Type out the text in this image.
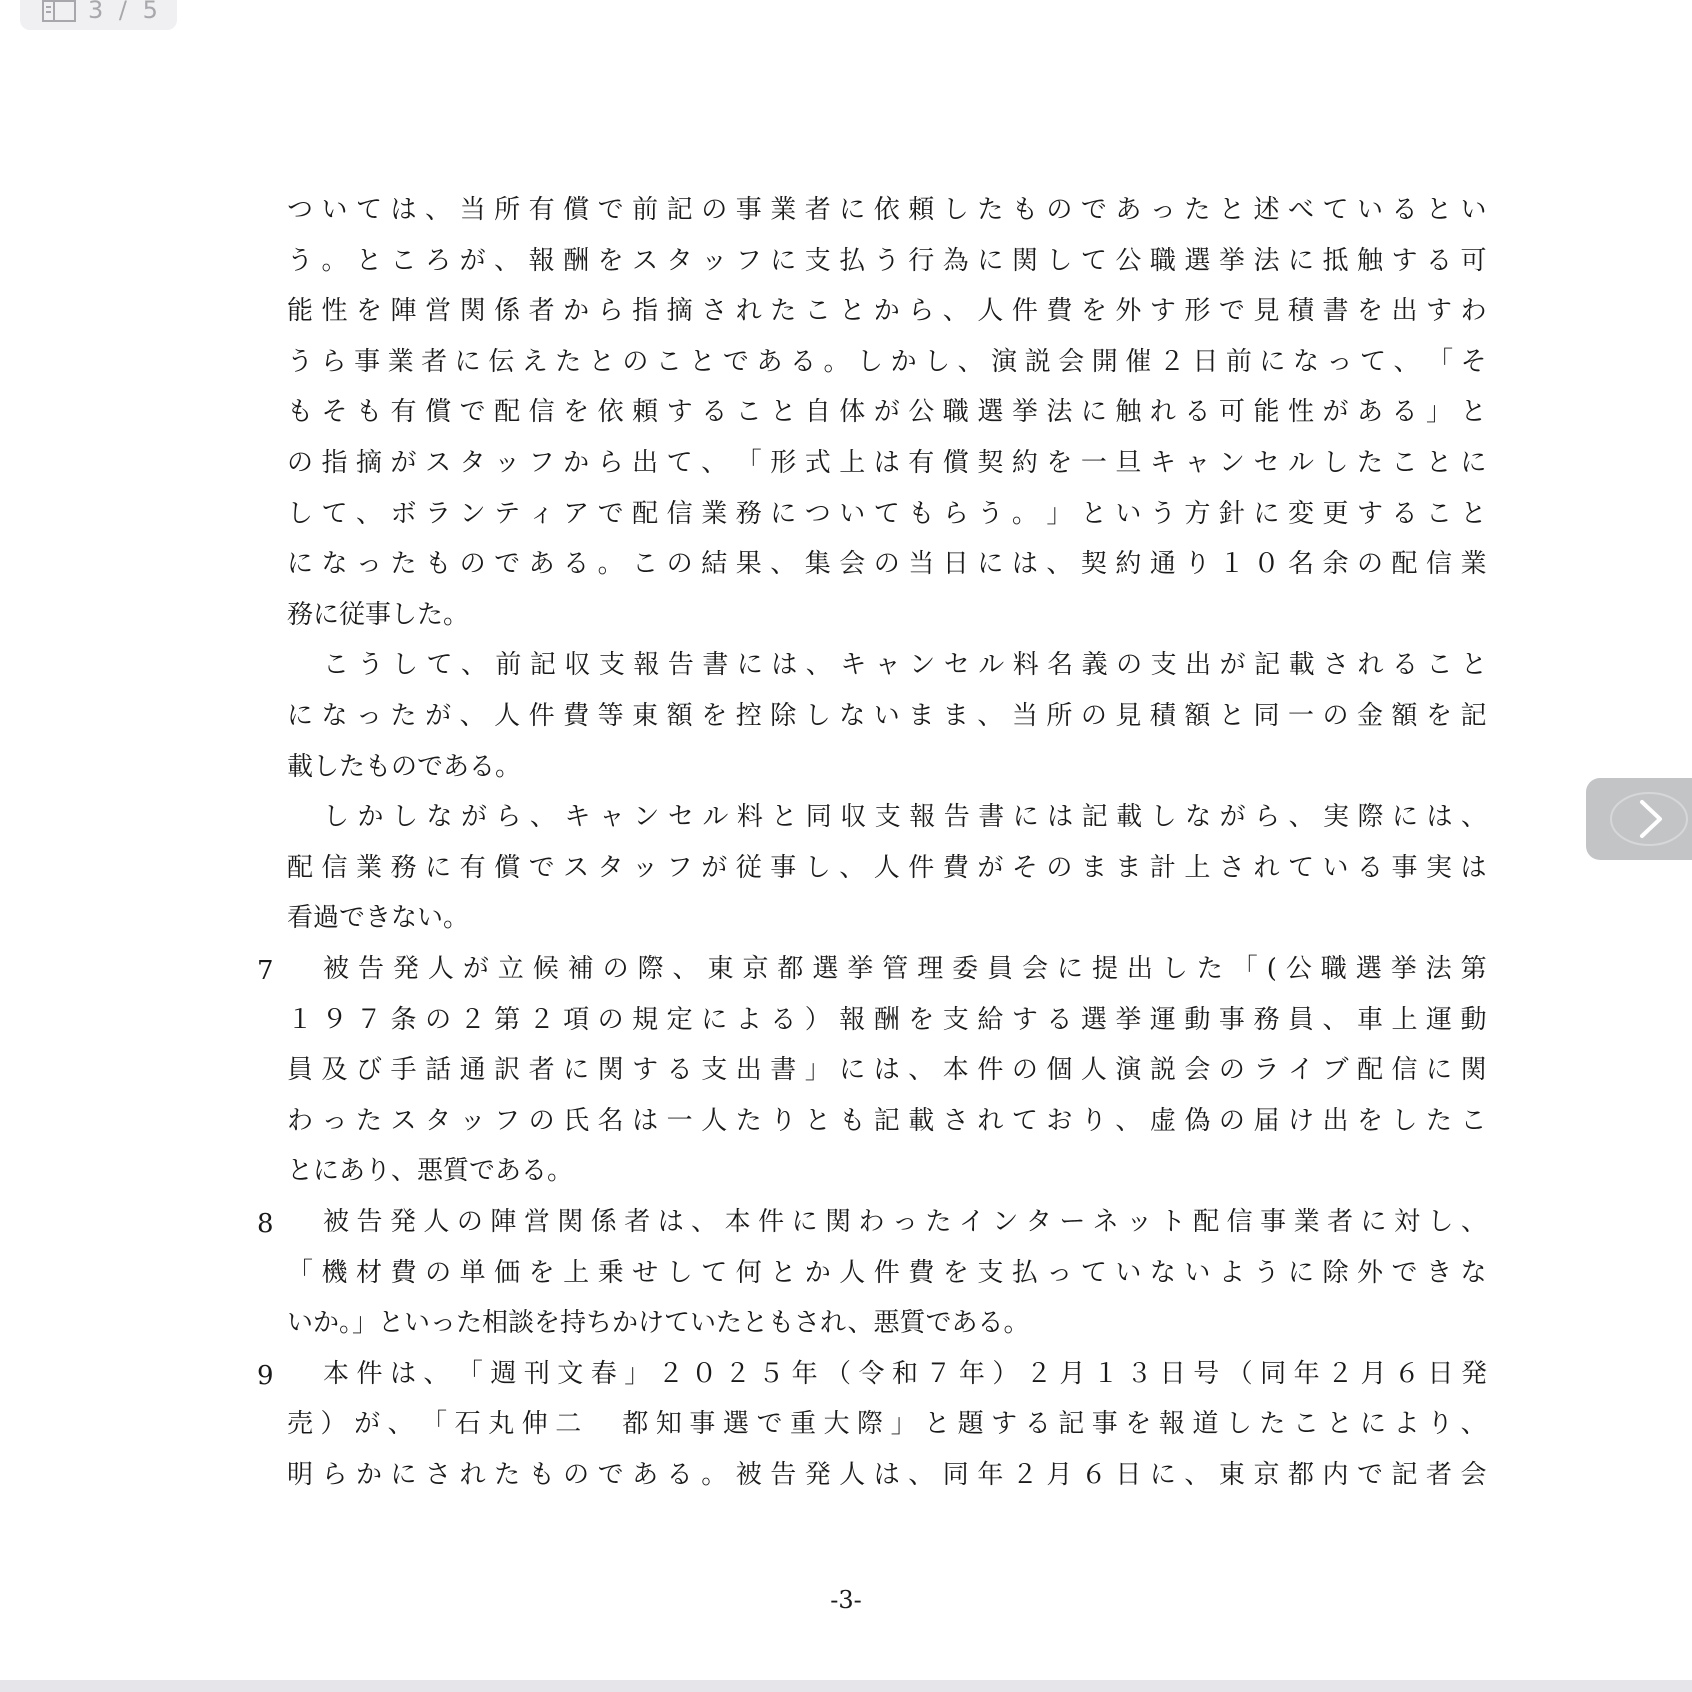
3 / 5
つ い て は 、 当 所 有 償 で 前 記 の 事 業 者 に 依 頼 し た も の で あ っ た と 述 べ て い る と い
う 。 と こ ろ が 、 報 酬 を ス タ ッ フ に 支 払 う 行 為 に 関 し て 公 職 選 挙 法 に 抵 触 す る 可
能 性 を 陣 営 関 係 者 か ら 指 摘 さ れ た こ と か ら 、 人 件 費 を 外 す 形 で 見 積 書 を 出 す わ
う ら 事 業 者 に 伝 え た と の こ と で あ る 。 し か し 、 演 説 会 開 催 ２ 日 前 に な っ て 、 「 そ
も そ も 有 償 で 配 信 を 依 頼 す る こ と 自 体 が 公 職 選 挙 法 に 触 れ る 可 能 性 が あ る 」 と
の 指 摘 が ス タ ッ フ か ら 出 て 、 「 形 式 上 は 有 償 契 約 を 一 旦 キ ャ ン セ ル し た こ と に
し て 、 ボ ラ ン テ ィ ア で 配 信 業 務 に つ い て も ら う 。 」 と い う 方 針 に 変 更 す る こ と
に な っ た も の で あ る 。 こ の 結 果 、 集 会 の 当 日 に は 、 契 約 通 り １ ０ 名 余 の 配 信 業
務に従事した。
こ う し て 、 前 記 収 支 報 告 書 に は 、 キ ャ ン セ ル 料 名 義 の 支 出 が 記 載 さ れ る こ と
に な っ た が 、 人 件 費 等 東 額 を 控 除 し な い ま ま 、 当 所 の 見 積 額 と 同 一 の 金 額 を 記
載したものである。
し か し な が ら 、 キ ャ ン セ ル 料 と 同 収 支 報 告 書 に は 記 載 し な が ら 、 実 際 に は 、
配 信 業 務 に 有 償 で ス タ ッ フ が 従 事 し 、 人 件 費 が そ の ま ま 計 上 さ れ て い る 事 実 は
看過できない。
7 被 告 発 人 が 立 候 補 の 際 、 東 京 都 選 挙 管 理 委 員 会 に 提 出 し た 「 ( 公 職 選 挙 法 第
１ ９ ７ 条 の ２ 第 ２ 項 の 規 定 に よ る ） 報 酬 を 支 給 す る 選 挙 運 動 事 務 員 、 車 上 運 動
員 及 び 手 話 通 訳 者 に 関 す る 支 出 書 」 に は 、 本 件 の 個 人 演 説 会 の ラ イ ブ 配 信 に 関
わ っ た ス タ ッ フ の 氏 名 は 一 人 た り と も 記 載 さ れ て お り 、 虚 偽 の 届 け 出 を し た こ
とにあり、悪質である。
8 被 告 発 人 の 陣 営 関 係 者 は 、 本 件 に 関 わ っ た イ ン タ ー ネ ッ ト 配 信 事 業 者 に 対 し 、
「 機 材 費 の 単 価 を 上 乗 せ し て 何 と か 人 件 費 を 支 払 っ て い な い よ う に 除 外 で き な
いか。」といった相談を持ちかけていたともされ、悪質である。
9 本 件 は 、 「 週 刊 文 春 」 ２ ０ ２ ５ 年 （ 令 和 ７ 年 ） ２ 月 １ ３ 日 号 （ 同 年 ２ 月 ６ 日 発
売 ） が 、 「 石 丸 伸 二
　 都 知 事 選 で 重 大 際 」 と 題 す る 記 事 を 報 道 し た こ と に よ り 、
明 ら か に さ れ た も の で あ る 。 被 告 発 人 は 、 同 年 ２ 月 ６ 日 に 、 東 京 都 内 で 記 者 会
-3-
